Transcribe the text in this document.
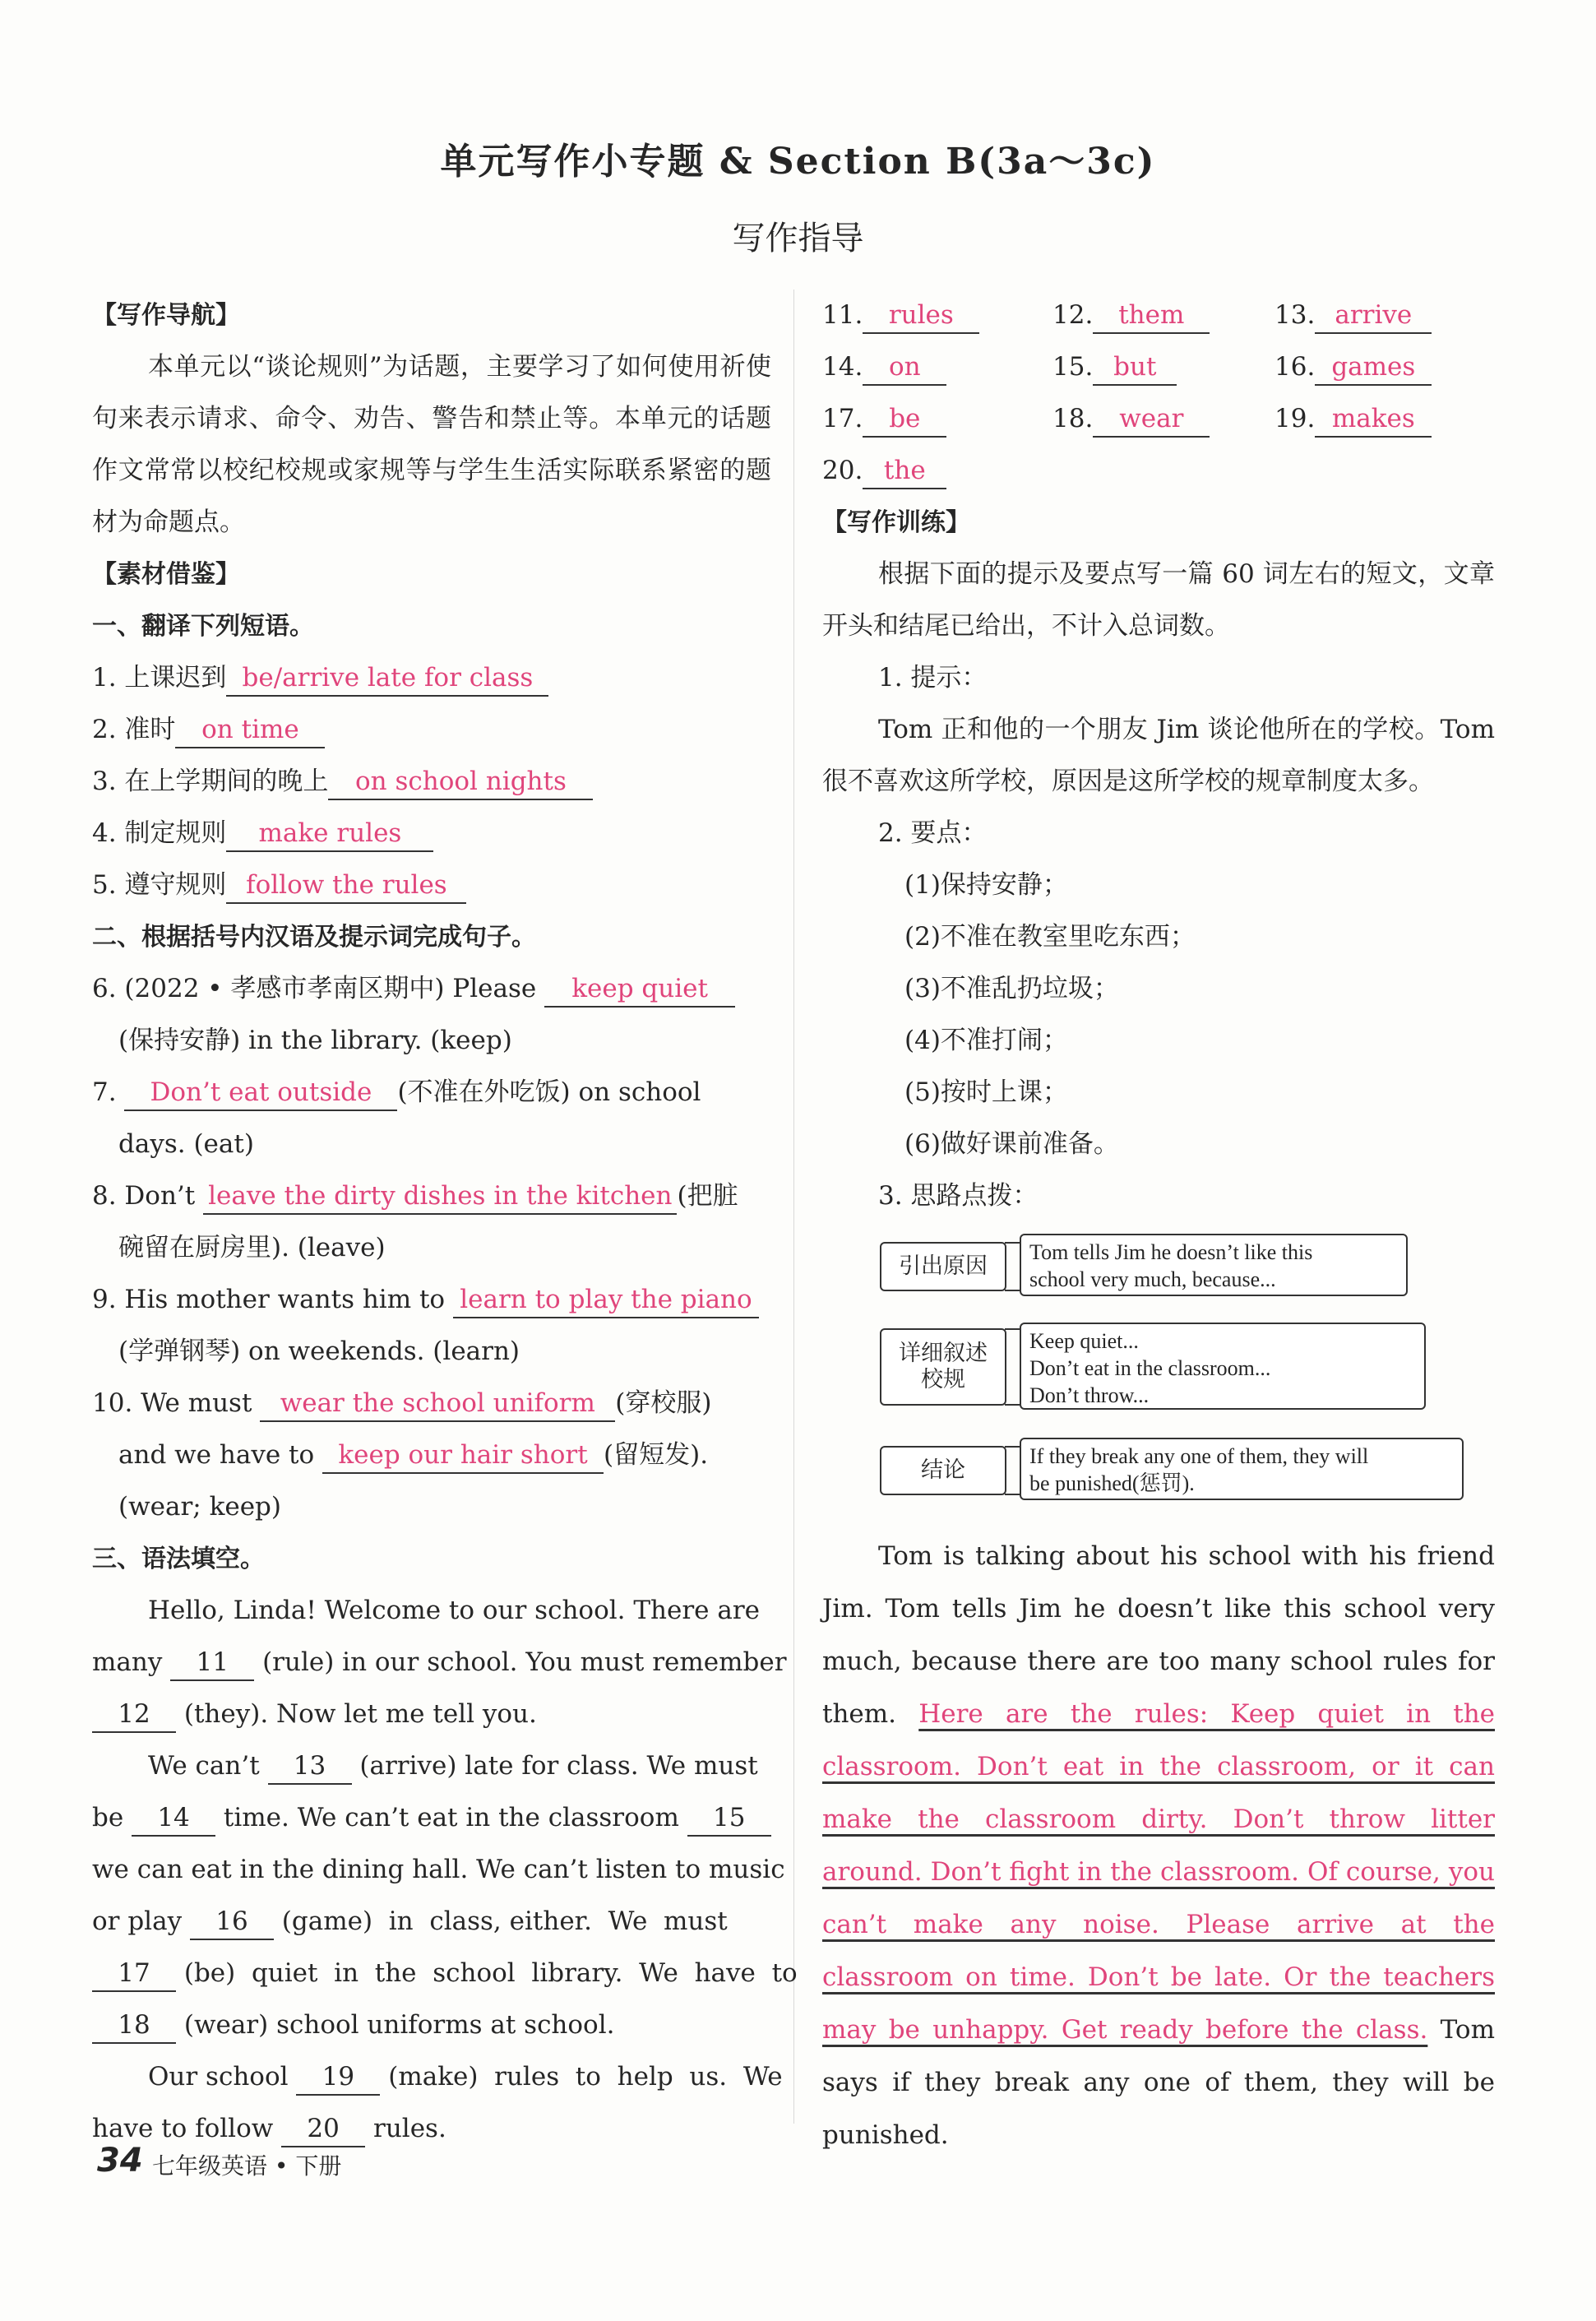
单元写作小专题 & Section B(3a～3c)
写作指导
【写作导航】
本单元以“谈论规则”为话题，主要学习了如何使用祈使句来表示请求、命令、劝告、警告和禁止等。本单元的话题作文常常以校纪校规或家规等与学生生活实际联系紧密的题材为命题点。
【素材借鉴】
一、翻译下列短语。
1. 上课迟到 be/arrive late for class
2. 准时 on time
3. 在上学期间的晚上 on school nights
4. 制定规则 make rules
5. 遵守规则 follow the rules
二、根据括号内汉语及提示词完成句子。
6. (2022 • 孝感市孝南区期中) Please keep quiet
(保持安静) in the library. (keep)
7. Don’t eat outside (不准在外吃饭) on school
days. (eat)
8. Don’t leave the dirty dishes in the kitchen (把脏
碗留在厨房里). (leave)
9. His mother wants him to learn to play the piano
(学弹钢琴) on weekends. (learn)
10. We must wear the school uniform (穿校服)
and we have to keep our hair short (留短发).
(wear; keep)
三、语法填空。
Hello, Linda! Welcome to our school. There are
many 11 (rule) in our school. You must remember
12 (they). Now let me tell you.
We can’t 13 (arrive) late for class. We must
be 14 time. We can’t eat in the classroom 15
we can eat in the dining hall. We can’t listen to music
or play 16 (game)  in  class, either.  We  must
17 (be)  quiet  in  the  school  library.  We  have  to
18 (wear) school uniforms at school.
Our school 19 (make)  rules  to  help  us.  We
have to follow 20 rules.
11. rules	12. them	13. arrive
14. on	15. but	16. games
17. be	18. wear	19. makes
20. the
【写作训练】
根据下面的提示及要点写一篇 60 词左右的短文，文章开头和结尾已给出，不计入总词数。
1. 提示：
Tom 正和他的一个朋友 Jim 谈论他所在的学校。Tom 很不喜欢这所学校，原因是这所学校的规章制度太多。
2. 要点：
(1)保持安静；
(2)不准在教室里吃东西；
(3)不准乱扔垃圾；
(4)不准打闹；
(5)按时上课；
(6)做好课前准备。
3. 思路点拨：
引出原因
Tom tells Jim he doesn’t like this
school very much, because...
详细叙述
校规
Keep quiet...
Don’t eat in the classroom...
Don’t throw...
结论
If they break any one of them, they will
be punished(惩罚).
Tom is talking about his school with his friend Jim. Tom tells Jim he doesn’t like this school very much, because there are too many school rules for them. Here are the rules: Keep quiet in the classroom. Don’t eat in the classroom, or it can make the classroom dirty. Don’t throw litter around. Don’t fight in the classroom. Of course, you can’t make any noise. Please arrive at the classroom on time. Don’t be late. Or the teachers may be unhappy. Get ready before the class. Tom says if they break any one of them, they will be punished.
34 七年级英语 • 下册
